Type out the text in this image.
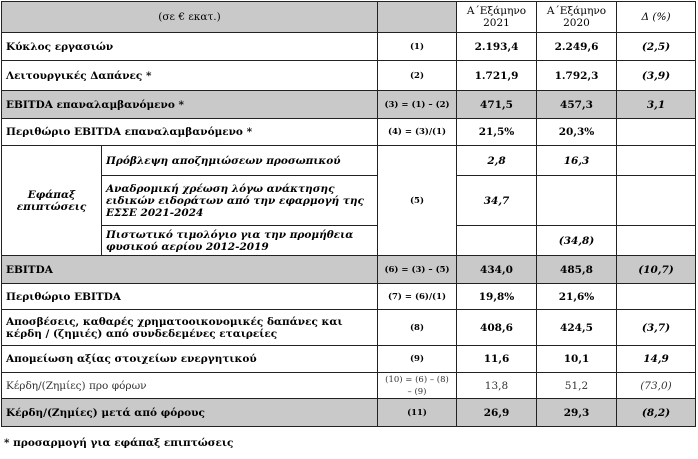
(σε € εκατ.)			Α΄Εξάμηνο 2021	Α΄Εξάμηνο 2020	Δ (%)
Κύκλος εργασιών		(1)	2.193,4	2.249,6	(2,5)
Λειτουργικές Δαπάνες *		(2)	1.721,9	1.792,3	(3,9)
EBITDA επαναλαμβανόμενο *		(3) = (1) – (2)	471,5	457,3	3,1
Περιθώριο EBITDA επαναλαμβανόμενο *		(4) = (3)/(1)	21,5%	20,3%	
Εφάπαξ επιπτώσεις	Πρόβλεψη αποζημιώσεων προσωπικού	(5)	2,8	16,3	
	Αναδρομική χρέωση λόγω ανάκτησης ειδικών ειδοράτων από την εφαρμογή της ΕΣΣΕ 2021-2024		34,7		
	Πιστωτικό τιμολόγιο για την προμήθεια φυσικού αερίου 2012-2019			(34,8)	
EBITDA		(6) = (3) – (5)	434,0	485,8	(10,7)
Περιθώριο EBITDA		(7) = (6)/(1)	19,8%	21,6%	
Αποσβέσεις, καθαρές χρηματοοικονομικές δαπάνες και κέρδη / (ζημιές) από συνδεδεμένες εταιρείες		(8)	408,6	424,5	(3,7)
Απομείωση αξίας στοιχείων ενεργητικού		(9)	11,6	10,1	14,9
Κέρδη/(Ζημίες) προ φόρων		(10) = (6) – (8) – (9)	13,8	51,2	(73,0)
Κέρδη/(Ζημίες) μετά από φόρους		(11)	26,9	29,3	(8,2)
* προσαρμογή για εφάπαξ επιπτώσεις
